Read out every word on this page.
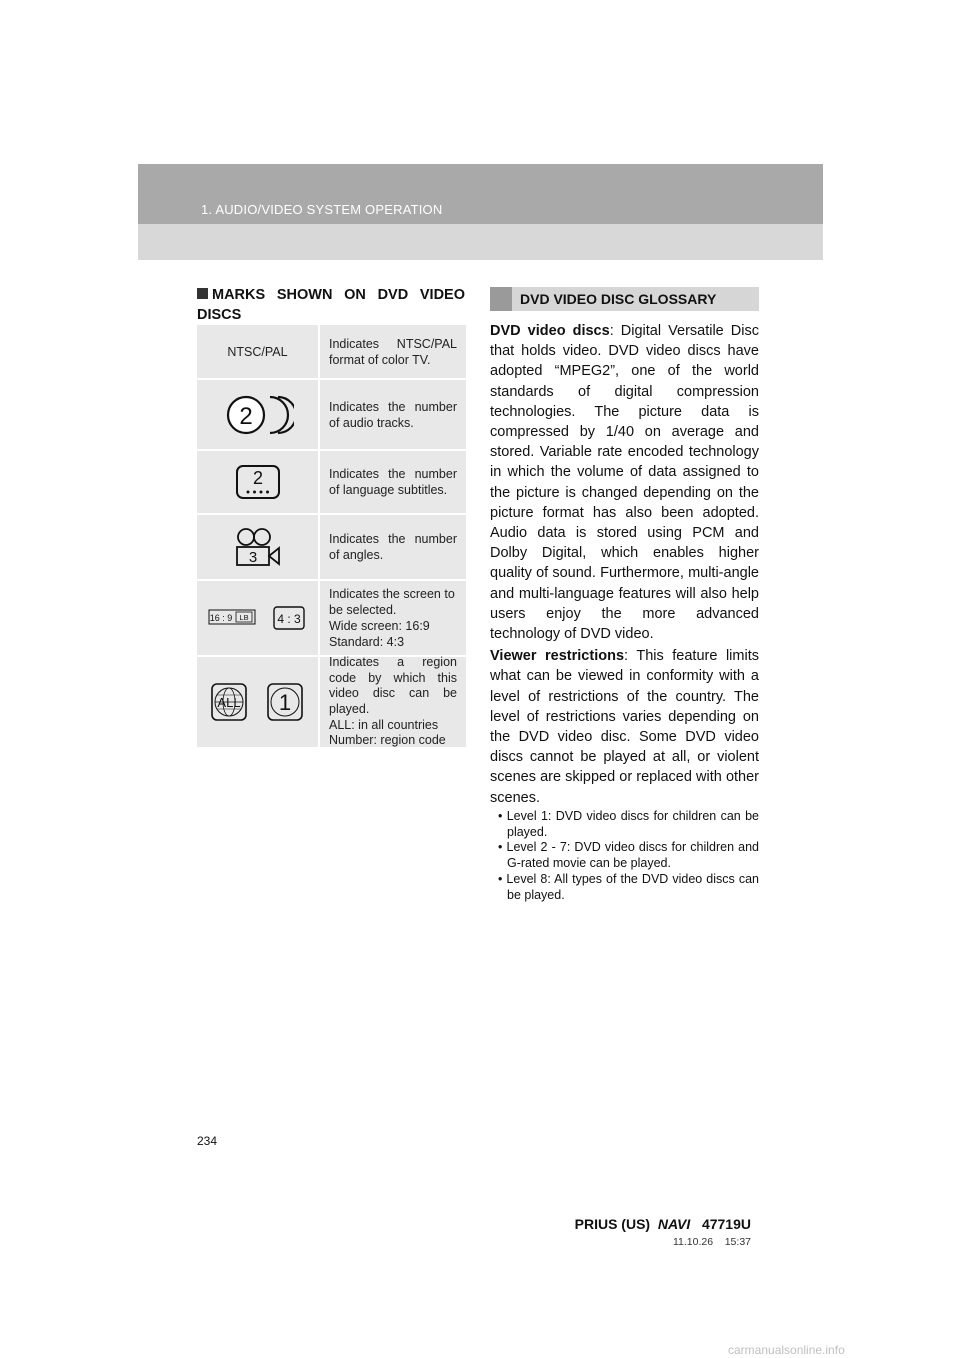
1. AUDIO/VIDEO SYSTEM OPERATION
MARKS SHOWN ON DVD VIDEO DISCS
NTSC/PAL
Indicates NTSC/PAL format of color TV.
2	Indicates the number of audio tracks.
2	Indicates the number of language subtitles.
3
Indicates the number of angles.
16 : 9 LB 4 : 3
Indicates the screen to be selected.
Wide screen: 16:9
Standard: 4:3
ALL 1
Indicates a region code by which this video disc can be played.
ALL: in all countries
Number: region code
DVD VIDEO DISC GLOSSARY

DVD video discs: Digital Versatile Disc that holds video. DVD video discs have adopted “MPEG2”, one of the world standards of digital compression technologies. The picture data is compressed by 1/40 on average and stored. Variable rate encoded technology in which the volume of data assigned to the picture is changed depending on the picture format has also been adopted. Audio data is stored using PCM and Dolby Digital, which enables higher quality of sound. Furthermore, multi-angle and multi-language features will also help users enjoy the more advanced technology of DVD video.

Viewer restrictions: This feature limits what can be viewed in conformity with a level of restrictions of the country. The level of restrictions varies depending on the DVD video disc. Some DVD video discs cannot be played at all, or violent scenes are skipped or replaced with other scenes.

• Level 1: DVD video discs for children can be played.
• Level 2 - 7: DVD video discs for children and G-rated movie can be played.
• Level 8: All types of the DVD video discs can be played.
234
PRIUS (US) NAVI 47719U
11.10.26 15:37
carmanualsonline.info
